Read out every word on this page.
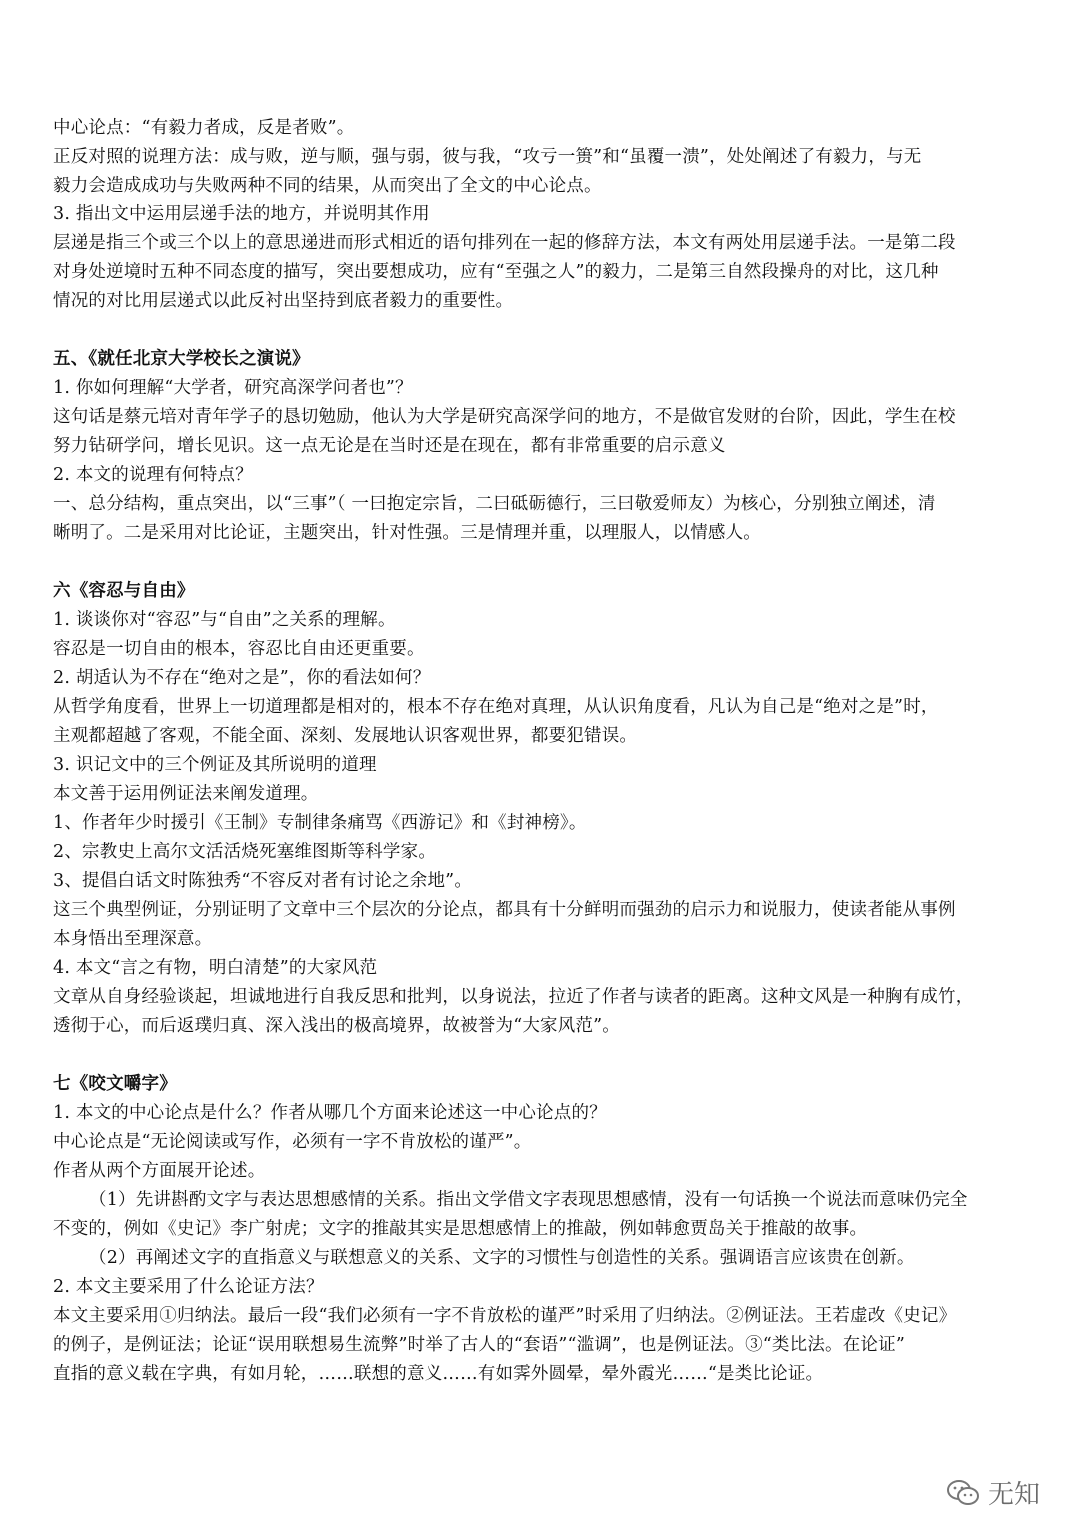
中心论点：“有毅力者成，反是者败”。
正反对照的说理方法：成与败，逆与顺，强与弱，彼与我，“攻亏一篑”和“虽覆一溃”，处处阐述了有毅力，与无
毅力会造成成功与失败两种不同的结果，从而突出了全文的中心论点。
3. 指出文中运用层递手法的地方，并说明其作用
层递是指三个或三个以上的意思递进而形式相近的语句排列在一起的修辞方法，本文有两处用层递手法。一是第二段
对身处逆境时五种不同态度的描写，突出要想成功，应有“至强之人”的毅力，二是第三自然段操舟的对比，这几种
情况的对比用层递式以此反衬出坚持到底者毅力的重要性。
五、《就任北京大学校长之演说》
1. 你如何理解“大学者，研究高深学问者也”？
这句话是蔡元培对青年学子的恳切勉励，他认为大学是研究高深学问的地方，不是做官发财的台阶，因此，学生在校
努力钻研学问，增长见识。这一点无论是在当时还是在现在，都有非常重要的启示意义
2. 本文的说理有何特点？
一、总分结构，重点突出，以“三事”（ 一曰抱定宗旨，二曰砥砺德行，三曰敬爱师友）为核心，分别独立阐述，清
晰明了。二是采用对比论证，主题突出，针对性强。三是情理并重，以理服人，以情感人。
六《容忍与自由》
1. 谈谈你对“容忍”与“自由”之关系的理解。
容忍是一切自由的根本，容忍比自由还更重要。
2. 胡适认为不存在“绝对之是”，你的看法如何？
从哲学角度看，世界上一切道理都是相对的，根本不存在绝对真理，从认识角度看，凡认为自己是“绝对之是”时，
主观都超越了客观，不能全面、深刻、发展地认识客观世界，都要犯错误。
3. 识记文中的三个例证及其所说明的道理
本文善于运用例证法来阐发道理。
1、作者年少时援引《王制》专制律条痛骂《西游记》和《封神榜》。
2、宗教史上高尔文活活烧死塞维图斯等科学家。
3、提倡白话文时陈独秀“不容反对者有讨论之余地”。
这三个典型例证，分别证明了文章中三个层次的分论点，都具有十分鲜明而强劲的启示力和说服力，使读者能从事例
本身悟出至理深意。
4. 本文“言之有物，明白清楚”的大家风范
文章从自身经验谈起，坦诚地进行自我反思和批判，以身说法，拉近了作者与读者的距离。这种文风是一种胸有成竹，
透彻于心，而后返璞归真、深入浅出的极高境界，故被誉为“大家风范”。
七《咬文嚼字》
1. 本文的中心论点是什么？作者从哪几个方面来论述这一中心论点的？
中心论点是“无论阅读或写作，必须有一字不肯放松的谨严”。
作者从两个方面展开论述。
（1）先讲斟酌文字与表达思想感情的关系。指出文学借文字表现思想感情，没有一句话换一个说法而意味仍完全
不变的，例如《史记》李广射虎；文字的推敲其实是思想感情上的推敲，例如韩愈贾岛关于推敲的故事。
（2）再阐述文字的直指意义与联想意义的关系、文字的习惯性与创造性的关系。强调语言应该贵在创新。
2. 本文主要采用了什么论证方法？
本文主要采用①归纳法。最后一段“我们必须有一字不肯放松的谨严”时采用了归纳法。②例证法。王若虚改《史记》
的例子，是例证法；论证“误用联想易生流弊”时举了古人的“套语”“滥调”，也是例证法。③“类比法。在论证”
直指的意义载在字典，有如月轮，……联想的意义……有如霁外圆晕，晕外霞光……“是类比论证。
无知
